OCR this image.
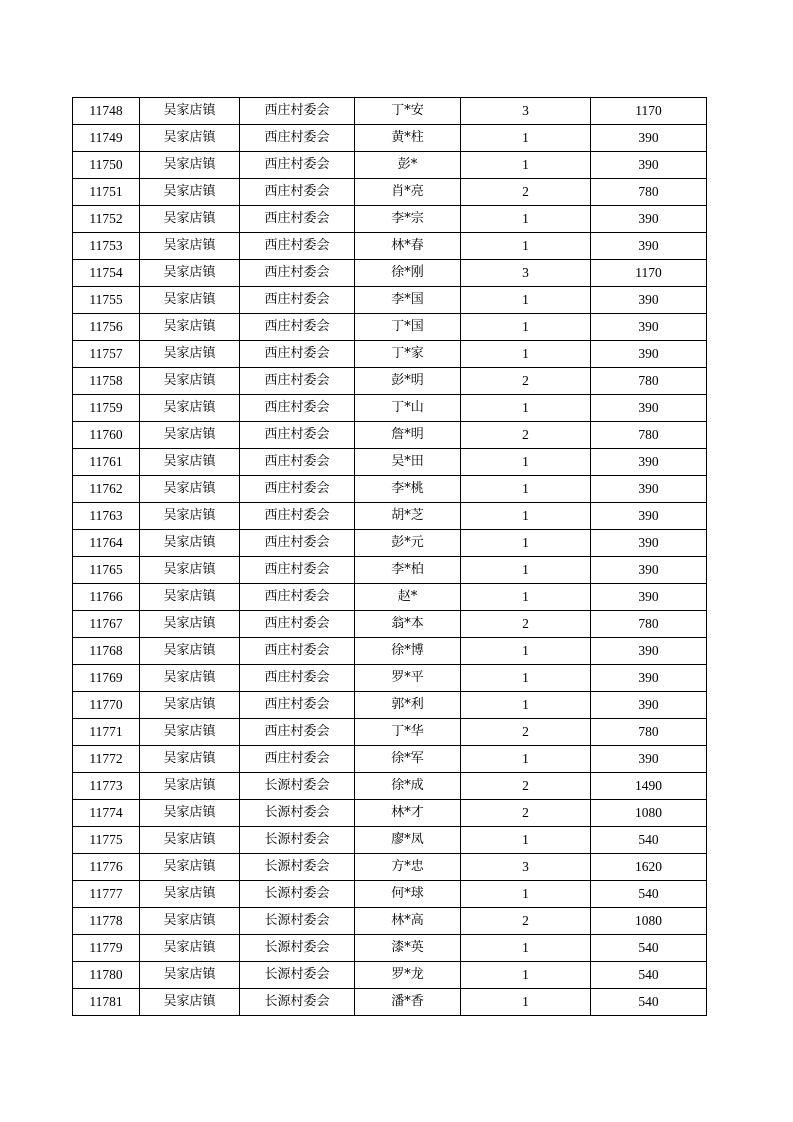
11748	吴家店镇	西庄村委会	丁*安	3	1170
11749	吴家店镇	西庄村委会	黄*柱	1	390
11750	吴家店镇	西庄村委会	彭*	1	390
11751	吴家店镇	西庄村委会	肖*亮	2	780
11752	吴家店镇	西庄村委会	李*宗	1	390
11753	吴家店镇	西庄村委会	林*春	1	390
11754	吴家店镇	西庄村委会	徐*刚	3	1170
11755	吴家店镇	西庄村委会	李*国	1	390
11756	吴家店镇	西庄村委会	丁*国	1	390
11757	吴家店镇	西庄村委会	丁*家	1	390
11758	吴家店镇	西庄村委会	彭*明	2	780
11759	吴家店镇	西庄村委会	丁*山	1	390
11760	吴家店镇	西庄村委会	詹*明	2	780
11761	吴家店镇	西庄村委会	吴*田	1	390
11762	吴家店镇	西庄村委会	李*桃	1	390
11763	吴家店镇	西庄村委会	胡*芝	1	390
11764	吴家店镇	西庄村委会	彭*元	1	390
11765	吴家店镇	西庄村委会	李*柏	1	390
11766	吴家店镇	西庄村委会	赵*	1	390
11767	吴家店镇	西庄村委会	翁*本	2	780
11768	吴家店镇	西庄村委会	徐*博	1	390
11769	吴家店镇	西庄村委会	罗*平	1	390
11770	吴家店镇	西庄村委会	郭*利	1	390
11771	吴家店镇	西庄村委会	丁*华	2	780
11772	吴家店镇	西庄村委会	徐*军	1	390
11773	吴家店镇	长源村委会	徐*成	2	1490
11774	吴家店镇	长源村委会	林*才	2	1080
11775	吴家店镇	长源村委会	廖*凤	1	540
11776	吴家店镇	长源村委会	方*忠	3	1620
11777	吴家店镇	长源村委会	何*球	1	540
11778	吴家店镇	长源村委会	林*高	2	1080
11779	吴家店镇	长源村委会	漆*英	1	540
11780	吴家店镇	长源村委会	罗*龙	1	540
11781	吴家店镇	长源村委会	潘*香	1	540
